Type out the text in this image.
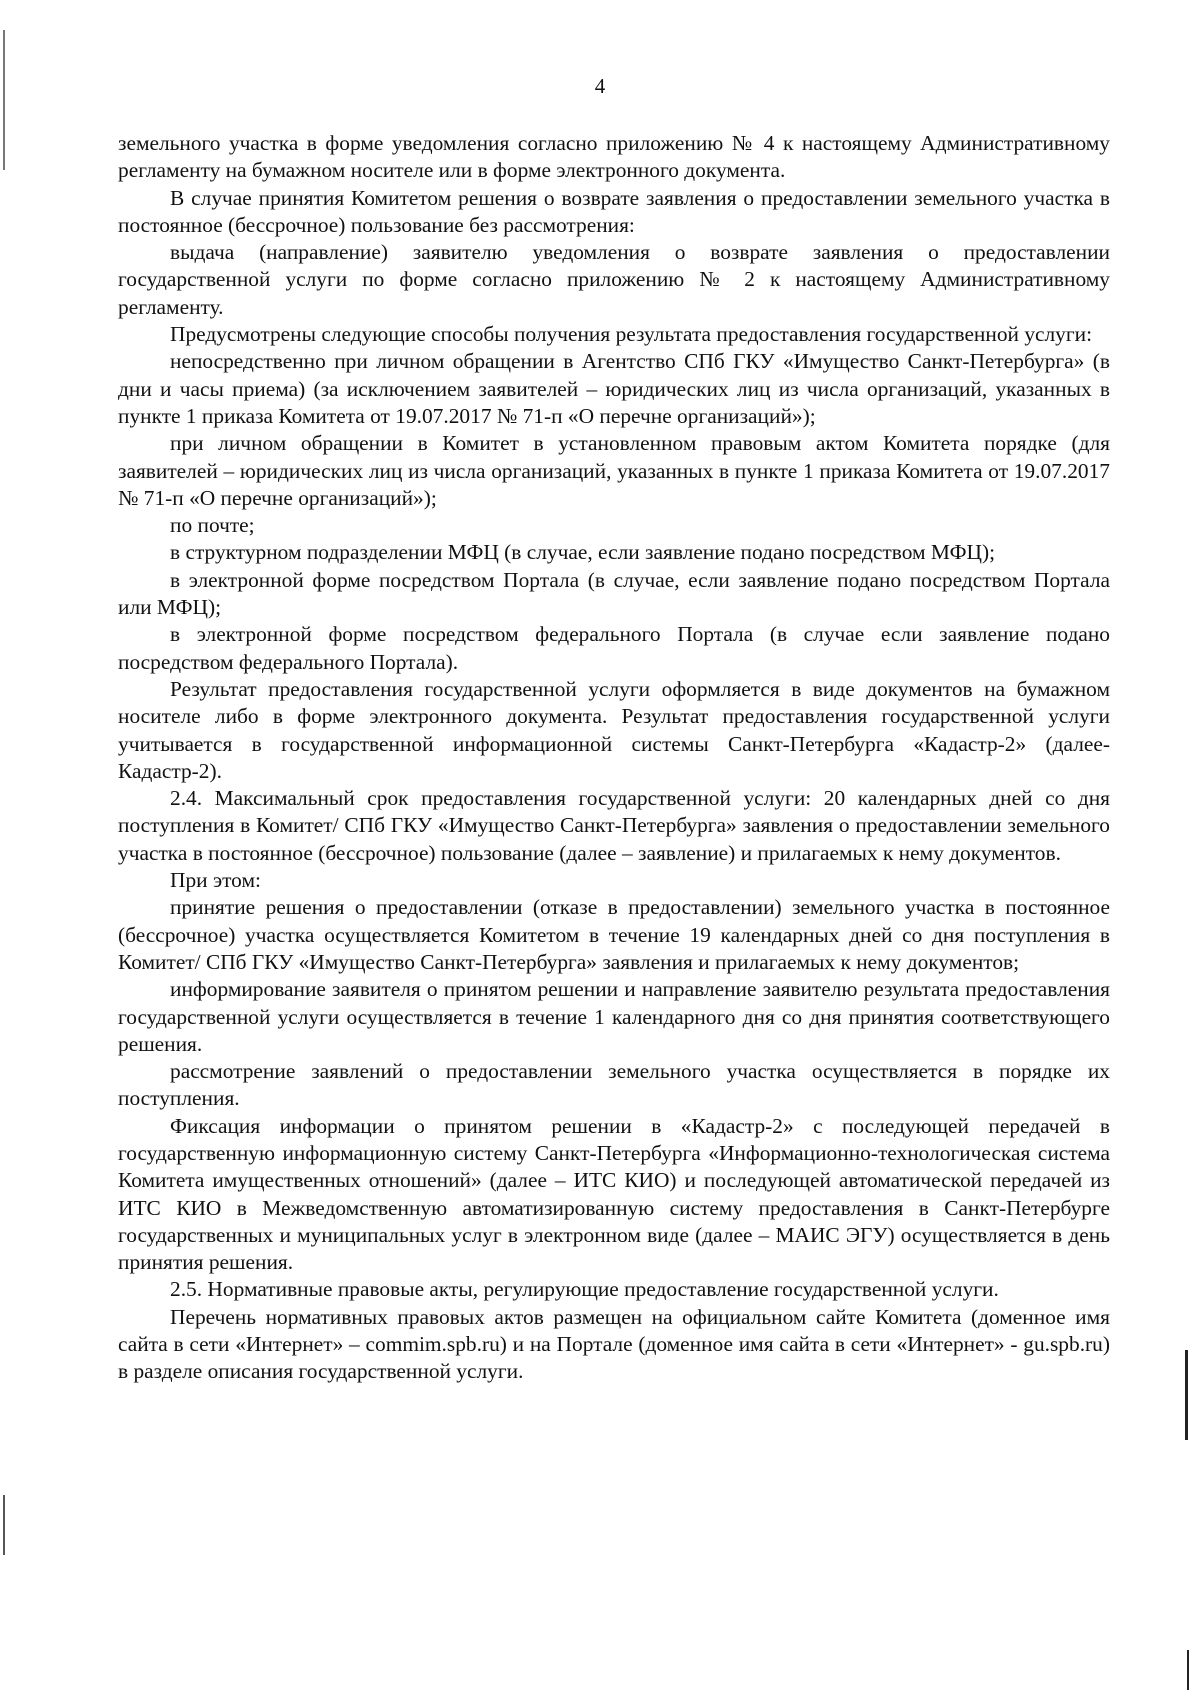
4

земельного участка в форме уведомления согласно приложению № 4 к настоящему Административному регламенту на бумажном носителе или в форме электронного документа.

В случае принятия Комитетом решения о возврате заявления о предоставлении земельного участка в постоянное (бессрочное) пользование без рассмотрения:

выдача (направление) заявителю уведомления о возврате заявления о предоставлении государственной услуги по форме согласно приложению № 2 к настоящему Административному регламенту.

Предусмотрены следующие способы получения результата предоставления государственной услуги:

непосредственно при личном обращении в Агентство СПб ГКУ «Имущество Санкт-Петербурга» (в дни и часы приема) (за исключением заявителей – юридических лиц из числа организаций, указанных в пункте 1 приказа Комитета от 19.07.2017 № 71-п «О перечне организаций»);

при личном обращении в Комитет в установленном правовым актом Комитета порядке (для заявителей – юридических лиц из числа организаций, указанных в пункте 1 приказа Комитета от 19.07.2017 № 71-п «О перечне организаций»);

по почте;

в структурном подразделении МФЦ (в случае, если заявление подано посредством МФЦ);

в электронной форме посредством Портала (в случае, если заявление подано посредством Портала или МФЦ);

в электронной форме посредством федерального Портала (в случае если заявление подано посредством федерального Портала).

Результат предоставления государственной услуги оформляется в виде документов на бумажном носителе либо в форме электронного документа. Результат предоставления государственной услуги учитывается в государственной информационной системы Санкт-Петербурга «Кадастр-2» (далее- Кадастр-2).

2.4. Максимальный срок предоставления государственной услуги: 20 календарных дней со дня поступления в Комитет/ СПб ГКУ «Имущество Санкт-Петербурга» заявления о предоставлении земельного участка в постоянное (бессрочное) пользование (далее – заявление) и прилагаемых к нему документов.

При этом:

принятие решения о предоставлении (отказе в предоставлении) земельного участка в постоянное (бессрочное) участка осуществляется Комитетом в течение 19 календарных дней со дня поступления в Комитет/ СПб ГКУ «Имущество Санкт-Петербурга» заявления и прилагаемых к нему документов;

информирование заявителя о принятом решении и направление заявителю результата предоставления государственной услуги осуществляется в течение 1 календарного дня со дня принятия соответствующего решения.

рассмотрение заявлений о предоставлении земельного участка осуществляется в порядке их поступления.

Фиксация информации о принятом решении в «Кадастр-2» с последующей передачей в государственную информационную систему Санкт-Петербурга «Информационно-технологическая система Комитета имущественных отношений» (далее – ИТС КИО) и последующей автоматической передачей из ИТС КИО в Межведомственную автоматизированную систему предоставления в Санкт-Петербурге государственных и муниципальных услуг в электронном виде (далее – МАИС ЭГУ) осуществляется в день принятия решения.

2.5. Нормативные правовые акты, регулирующие предоставление государственной услуги.

Перечень нормативных правовых актов размещен на официальном сайте Комитета (доменное имя сайта в сети «Интернет» – commim.spb.ru) и на Портале (доменное имя сайта в сети «Интернет» - gu.spb.ru) в разделе описания государственной услуги.
